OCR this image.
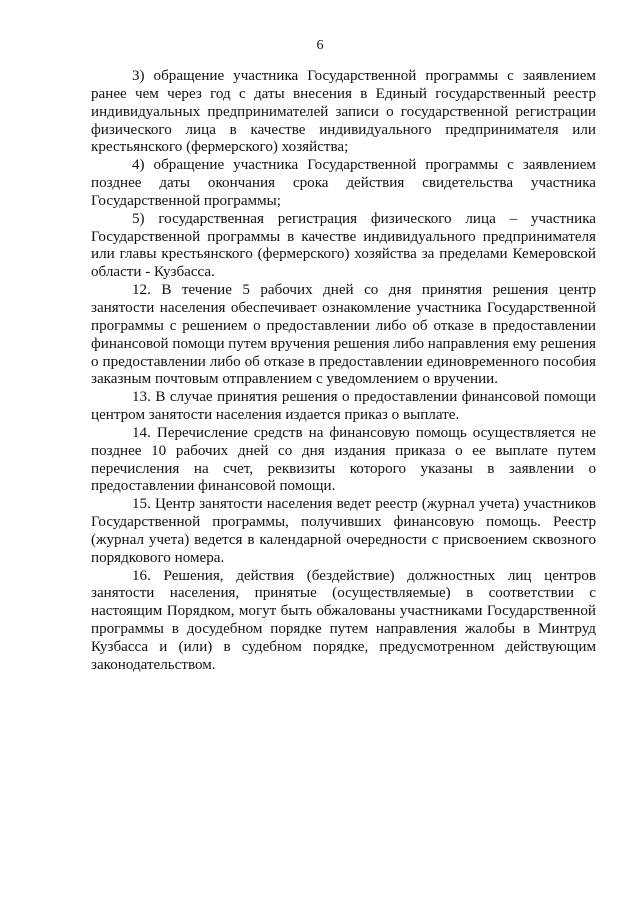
6

3) обращение участника Государственной программы с заявлением ранее чем через год с даты внесения в Единый государственный реестр индивидуальных предпринимателей записи о государственной регистрации физического лица в качестве индивидуального предпринимателя или крестьянского (фермерского) хозяйства;

4) обращение участника Государственной программы с заявлением позднее даты окончания срока действия свидетельства участника Государственной программы;

5) государственная регистрация физического лица – участника Государственной программы в качестве индивидуального предпринимателя или главы крестьянского (фермерского) хозяйства за пределами Кемеровской области - Кузбасса.

12. В течение 5 рабочих дней со дня принятия решения центр занятости населения обеспечивает ознакомление участника Государственной программы с решением о предоставлении либо об отказе в предоставлении финансовой помощи путем вручения решения либо направления ему решения о предоставлении либо об отказе в предоставлении единовременного пособия заказным почтовым отправлением с уведомлением о вручении.

13. В случае принятия решения о предоставлении финансовой помощи центром занятости населения издается приказ о выплате.

14. Перечисление средств на финансовую помощь осуществляется не позднее 10 рабочих дней со дня издания приказа о ее выплате путем перечисления на счет, реквизиты которого указаны в заявлении о предоставлении финансовой помощи.

15. Центр занятости населения ведет реестр (журнал учета) участников Государственной программы, получивших финансовую помощь. Реестр (журнал учета) ведется в календарной очередности с присвоением сквозного порядкового номера.

16. Решения, действия (бездействие) должностных лиц центров занятости населения, принятые (осуществляемые) в соответствии с настоящим Порядком, могут быть обжалованы участниками Государственной программы в досудебном порядке путем направления жалобы в Минтруд Кузбасса и (или) в судебном порядке, предусмотренном действующим законодательством.
